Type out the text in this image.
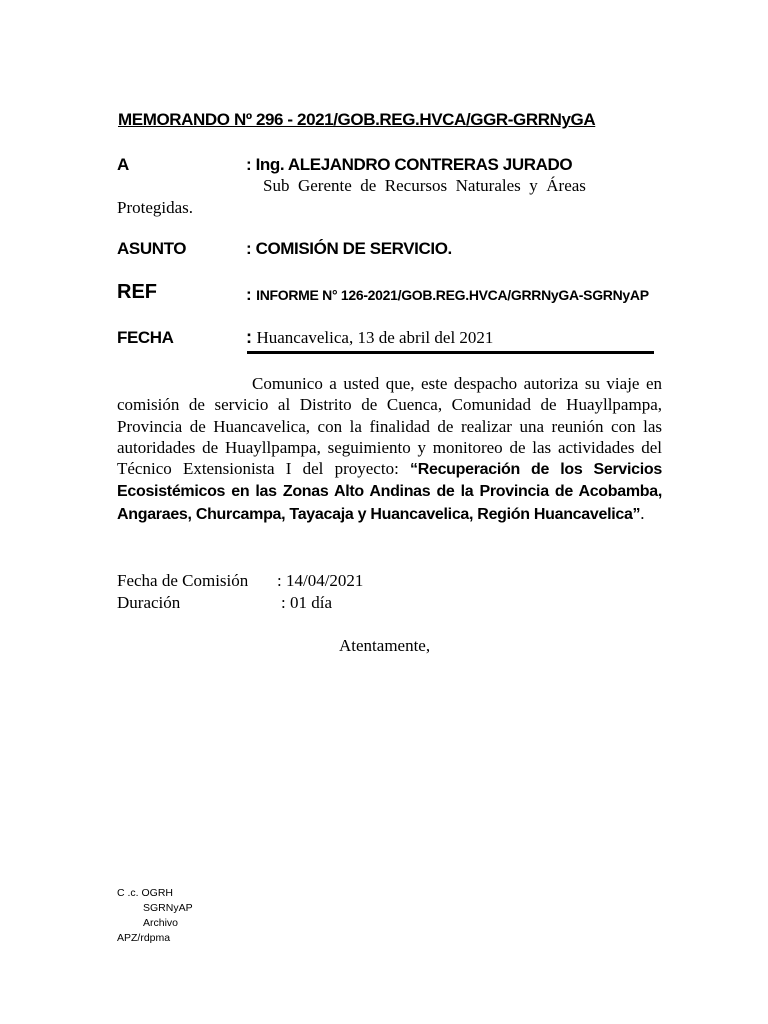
MEMORANDO Nº 296 - 2021/GOB.REG.HVCA/GGR-GRRNyGA
A	: Ing. ALEJANDRO CONTRERAS JURADO
Sub  Gerente  de  Recursos  Naturales  y  Áreas
Protegidas.
ASUNTO	: COMISIÓN DE SERVICIO.
REF	: INFORME N° 126-2021/GOB.REG.HVCA/GRRNyGA-SGRNyAP
FECHA	: Huancavelica, 13 de abril del 2021
Comunico a usted que, este despacho autoriza su viaje en comisión de servicio al Distrito de Cuenca, Comunidad de Huayllpampa, Provincia de Huancavelica, con la finalidad de realizar una reunión con las autoridades de Huayllpampa, seguimiento y monitoreo de las actividades del Técnico Extensionista I del proyecto: “Recuperación de los Servicios Ecosistémicos en las Zonas Alto Andinas de la Provincia de Acobamba, Angaraes, Churcampa, Tayacaja y Huancavelica, Región Huancavelica”.
Fecha de Comisión : 14/04/2021
Duración	: 01 día
Atentamente,
C .c. OGRH
SGRNyAP
Archivo
APZ/rdpma
